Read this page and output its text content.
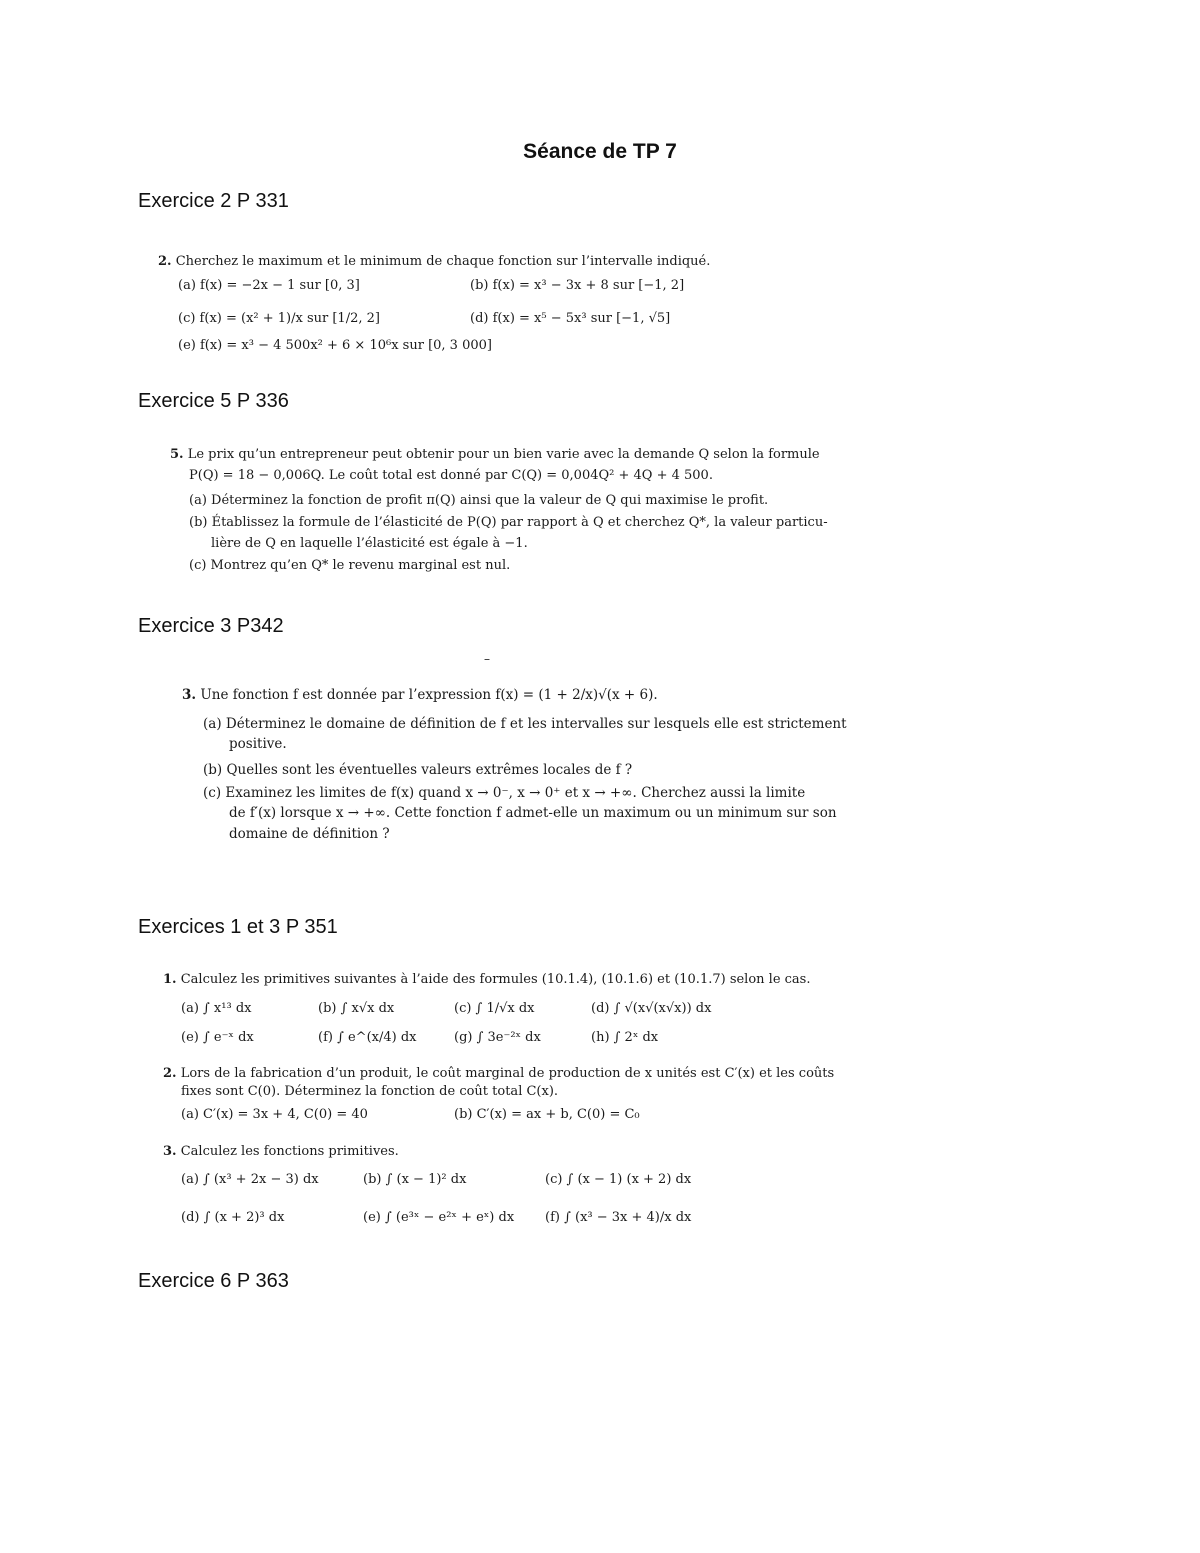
Séance de TP 7
Exercice 2 P 331
2. Cherchez le maximum et le minimum de chaque fonction sur l’intervalle indiqué.
(a) f(x) = −2x − 1 sur [0, 3]	(b) f(x) = x³ − 3x + 8 sur [−1, 2]
(c) f(x) = (x² + 1)/x sur [1/2, 2]	(d) f(x) = x⁵ − 5x³ sur [−1, √5]
(e) f(x) = x³ − 4 500x² + 6 × 10⁶x sur [0, 3 000]
Exercice 5 P 336
5. Le prix qu’un entrepreneur peut obtenir pour un bien varie avec la demande Q selon la formule
P(Q) = 18 − 0,006Q. Le coût total est donné par C(Q) = 0,004Q² + 4Q + 4 500.
(a) Déterminez la fonction de profit π(Q) ainsi que la valeur de Q qui maximise le profit.
(b) Établissez la formule de l’élasticité de P(Q) par rapport à Q et cherchez Q*, la valeur particu-
lière de Q en laquelle l’élasticité est égale à −1.
(c) Montrez qu’en Q* le revenu marginal est nul.
Exercice 3 P342
–
3. Une fonction f est donnée par l’expression f(x) = (1 + 2/x)√(x + 6).
(a) Déterminez le domaine de définition de f et les intervalles sur lesquels elle est strictement
positive.
(b) Quelles sont les éventuelles valeurs extrêmes locales de f ?
(c) Examinez les limites de f(x) quand x → 0⁻, x → 0⁺ et x → +∞. Cherchez aussi la limite
de f′(x) lorsque x → +∞. Cette fonction f admet-elle un maximum ou un minimum sur son
domaine de définition ?
Exercices 1 et 3 P 351
1. Calculez les primitives suivantes à l’aide des formules (10.1.4), (10.1.6) et (10.1.7) selon le cas.
(a) ∫ x¹³ dx	(b) ∫ x√x dx	(c) ∫ 1/√x dx	(d) ∫ √(x√(x√x)) dx
(e) ∫ e⁻ˣ dx	(f) ∫ e^(x/4) dx	(g) ∫ 3e⁻²ˣ dx	(h) ∫ 2ˣ dx
2. Lors de la fabrication d’un produit, le coût marginal de production de x unités est C′(x) et les coûts
fixes sont C(0). Déterminez la fonction de coût total C(x).
(a) C′(x) = 3x + 4, C(0) = 40	(b) C′(x) = ax + b, C(0) = C₀
3. Calculez les fonctions primitives.
(a) ∫ (x³ + 2x − 3) dx	(b) ∫ (x − 1)² dx	(c) ∫ (x − 1) (x + 2) dx
(d) ∫ (x + 2)³ dx	(e) ∫ (e³ˣ − e²ˣ + eˣ) dx (f) ∫ (x³ − 3x + 4)/x dx
Exercice 6 P 363
